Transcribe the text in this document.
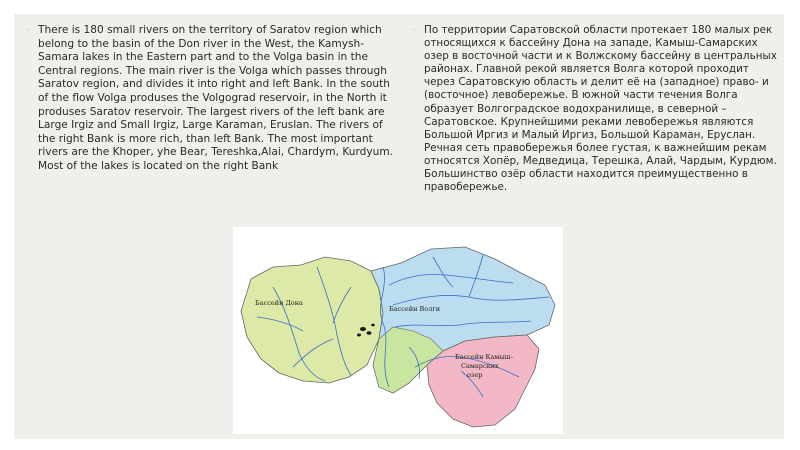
◦ There is 180 small rivers on the territory of Saratov region which belong to the basin of the Don river in the West, the Kamysh-Samara lakes in the Eastern part and to the Volga basin in the Central regions. The main river is the Volga which passes through Saratov region, and divides it into right and left Bank. In the south of the flow Volga produses the Volgograd reservoir, in the North it produses Saratov reservoir. The largest rivers of the left bank are Large Irgiz and Small Irgiz, Large Karaman, Eruslan. The rivers of the right Bank is more rich, than left Bank. The most important rivers are the Khoper, yhe Bear, Tereshka,Alai, Chardym, Kurdyum. Most of the lakes is located on the right Bank

◦ По территории Саратовской области протекает 180 малых рек относящихся к бассейну Дона на западе, Камыш-Самарских озер в восточной части и к Волжскому бассейну в центральных районах. Главной рекой является Волга которой проходит через Саратовскую область и делит её на (западное) право- и (восточное) левобережье. В южной части течения Волга образует Волгоградское водохранилище, в северной – Саратовское. Крупнейшими реками левобережья являются Большой Иргиз и Малый Иргиз, Большой Караман, Еруслан. Речная сеть правобережья более густая, к важнейшим рекам относятся Хопёр, Медведица, Терешка, Алай, Чардым, Курдюм. Большинство озёр области находится преимущественно в правобережье.

Бассейн Дона
Бассейн Волги
Бассейн Камыш-
Самарских
озер
